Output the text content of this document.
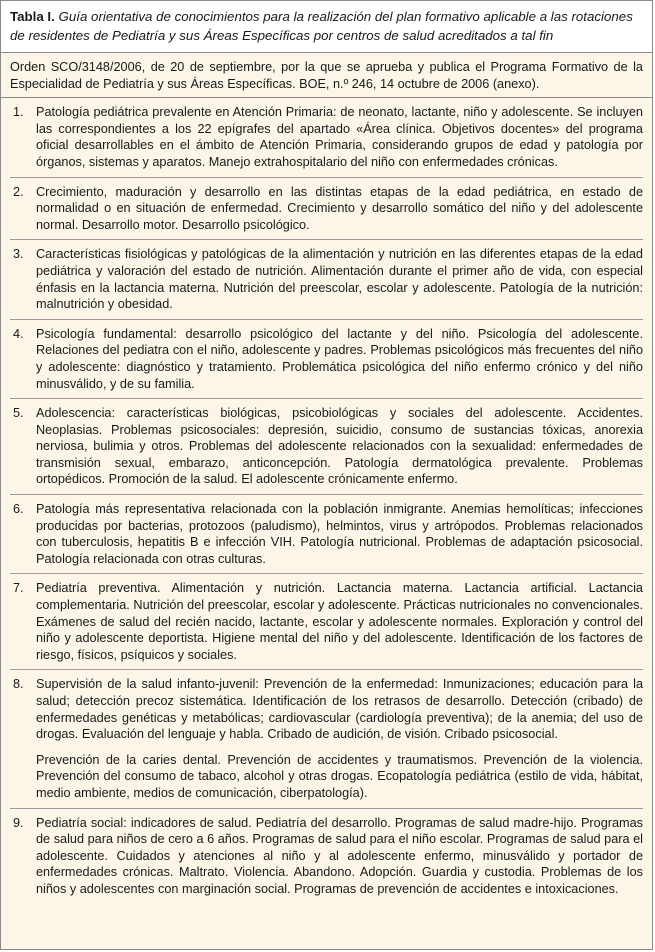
Tabla I. Guía orientativa de conocimientos para la realización del plan formativo aplicable a las rotaciones de residentes de Pediatría y sus Áreas Específicas por centros de salud acreditados a tal fin
Orden SCO/3148/2006, de 20 de septiembre, por la que se aprueba y publica el Programa Formativo de la Especialidad de Pediatría y sus Áreas Específicas. BOE, n.º 246, 14 octubre de 2006 (anexo).
1. Patología pediátrica prevalente en Atención Primaria: de neonato, lactante, niño y adolescente. Se incluyen las correspondientes a los 22 epígrafes del apartado «Área clínica. Objetivos docentes» del programa oficial desarrollables en el ámbito de Atención Primaria, considerando grupos de edad y patología por órganos, sistemas y aparatos. Manejo extrahospitalario del niño con enfermedades crónicas.
2. Crecimiento, maduración y desarrollo en las distintas etapas de la edad pediátrica, en estado de normalidad o en situación de enfermedad. Crecimiento y desarrollo somático del niño y del adolescente normal. Desarrollo motor. Desarrollo psicológico.
3. Características fisiológicas y patológicas de la alimentación y nutrición en las diferentes etapas de la edad pediátrica y valoración del estado de nutrición. Alimentación durante el primer año de vida, con especial énfasis en la lactancia materna. Nutrición del preescolar, escolar y adolescente. Patología de la nutrición: malnutrición y obesidad.
4. Psicología fundamental: desarrollo psicológico del lactante y del niño. Psicología del adolescente. Relaciones del pediatra con el niño, adolescente y padres. Problemas psicológicos más frecuentes del niño y adolescente: diagnóstico y tratamiento. Problemática psicológica del niño enfermo crónico y del niño minusválido, y de su familia.
5. Adolescencia: características biológicas, psicobiológicas y sociales del adolescente. Accidentes. Neoplasias. Problemas psicosociales: depresión, suicidio, consumo de sustancias tóxicas, anorexia nerviosa, bulimia y otros. Problemas del adolescente relacionados con la sexualidad: enfermedades de transmisión sexual, embarazo, anticoncepción. Patología dermatológica prevalente. Problemas ortopédicos. Promoción de la salud. El adolescente crónicamente enfermo.
6. Patología más representativa relacionada con la población inmigrante. Anemias hemolíticas; infecciones producidas por bacterias, protozoos (paludismo), helmintos, virus y artrópodos. Problemas relacionados con tuberculosis, hepatitis B e infección VIH. Patología nutricional. Problemas de adaptación psicosocial. Patología relacionada con otras culturas.
7. Pediatría preventiva. Alimentación y nutrición. Lactancia materna. Lactancia artificial. Lactancia complementaria. Nutrición del preescolar, escolar y adolescente. Prácticas nutricionales no convencionales. Exámenes de salud del recién nacido, lactante, escolar y adolescente normales. Exploración y control del niño y adolescente deportista. Higiene mental del niño y del adolescente. Identificación de los factores de riesgo, físicos, psíquicos y sociales.
8. Supervisión de la salud infanto-juvenil: Prevención de la enfermedad: Inmunizaciones; educación para la salud; detección precoz sistemática. Identificación de los retrasos de desarrollo. Detección (cribado) de enfermedades genéticas y metabólicas; cardiovascular (cardiología preventiva); de la anemia; del uso de drogas. Evaluación del lenguaje y habla. Cribado de audición, de visión. Cribado psicosocial.
Prevención de la caries dental. Prevención de accidentes y traumatismos. Prevención de la violencia. Prevención del consumo de tabaco, alcohol y otras drogas. Ecopatología pediátrica (estilo de vida, hábitat, medio ambiente, medios de comunicación, ciberpatología).
9. Pediatría social: indicadores de salud. Pediatría del desarrollo. Programas de salud madre-hijo. Programas de salud para niños de cero a 6 años. Programas de salud para el niño escolar. Programas de salud para el adolescente. Cuidados y atenciones al niño y al adolescente enfermo, minusválido y portador de enfermedades crónicas. Maltrato. Violencia. Abandono. Adopción. Guardia y custodia. Problemas de los niños y adolescentes con marginación social. Programas de prevención de accidentes e intoxicaciones.
